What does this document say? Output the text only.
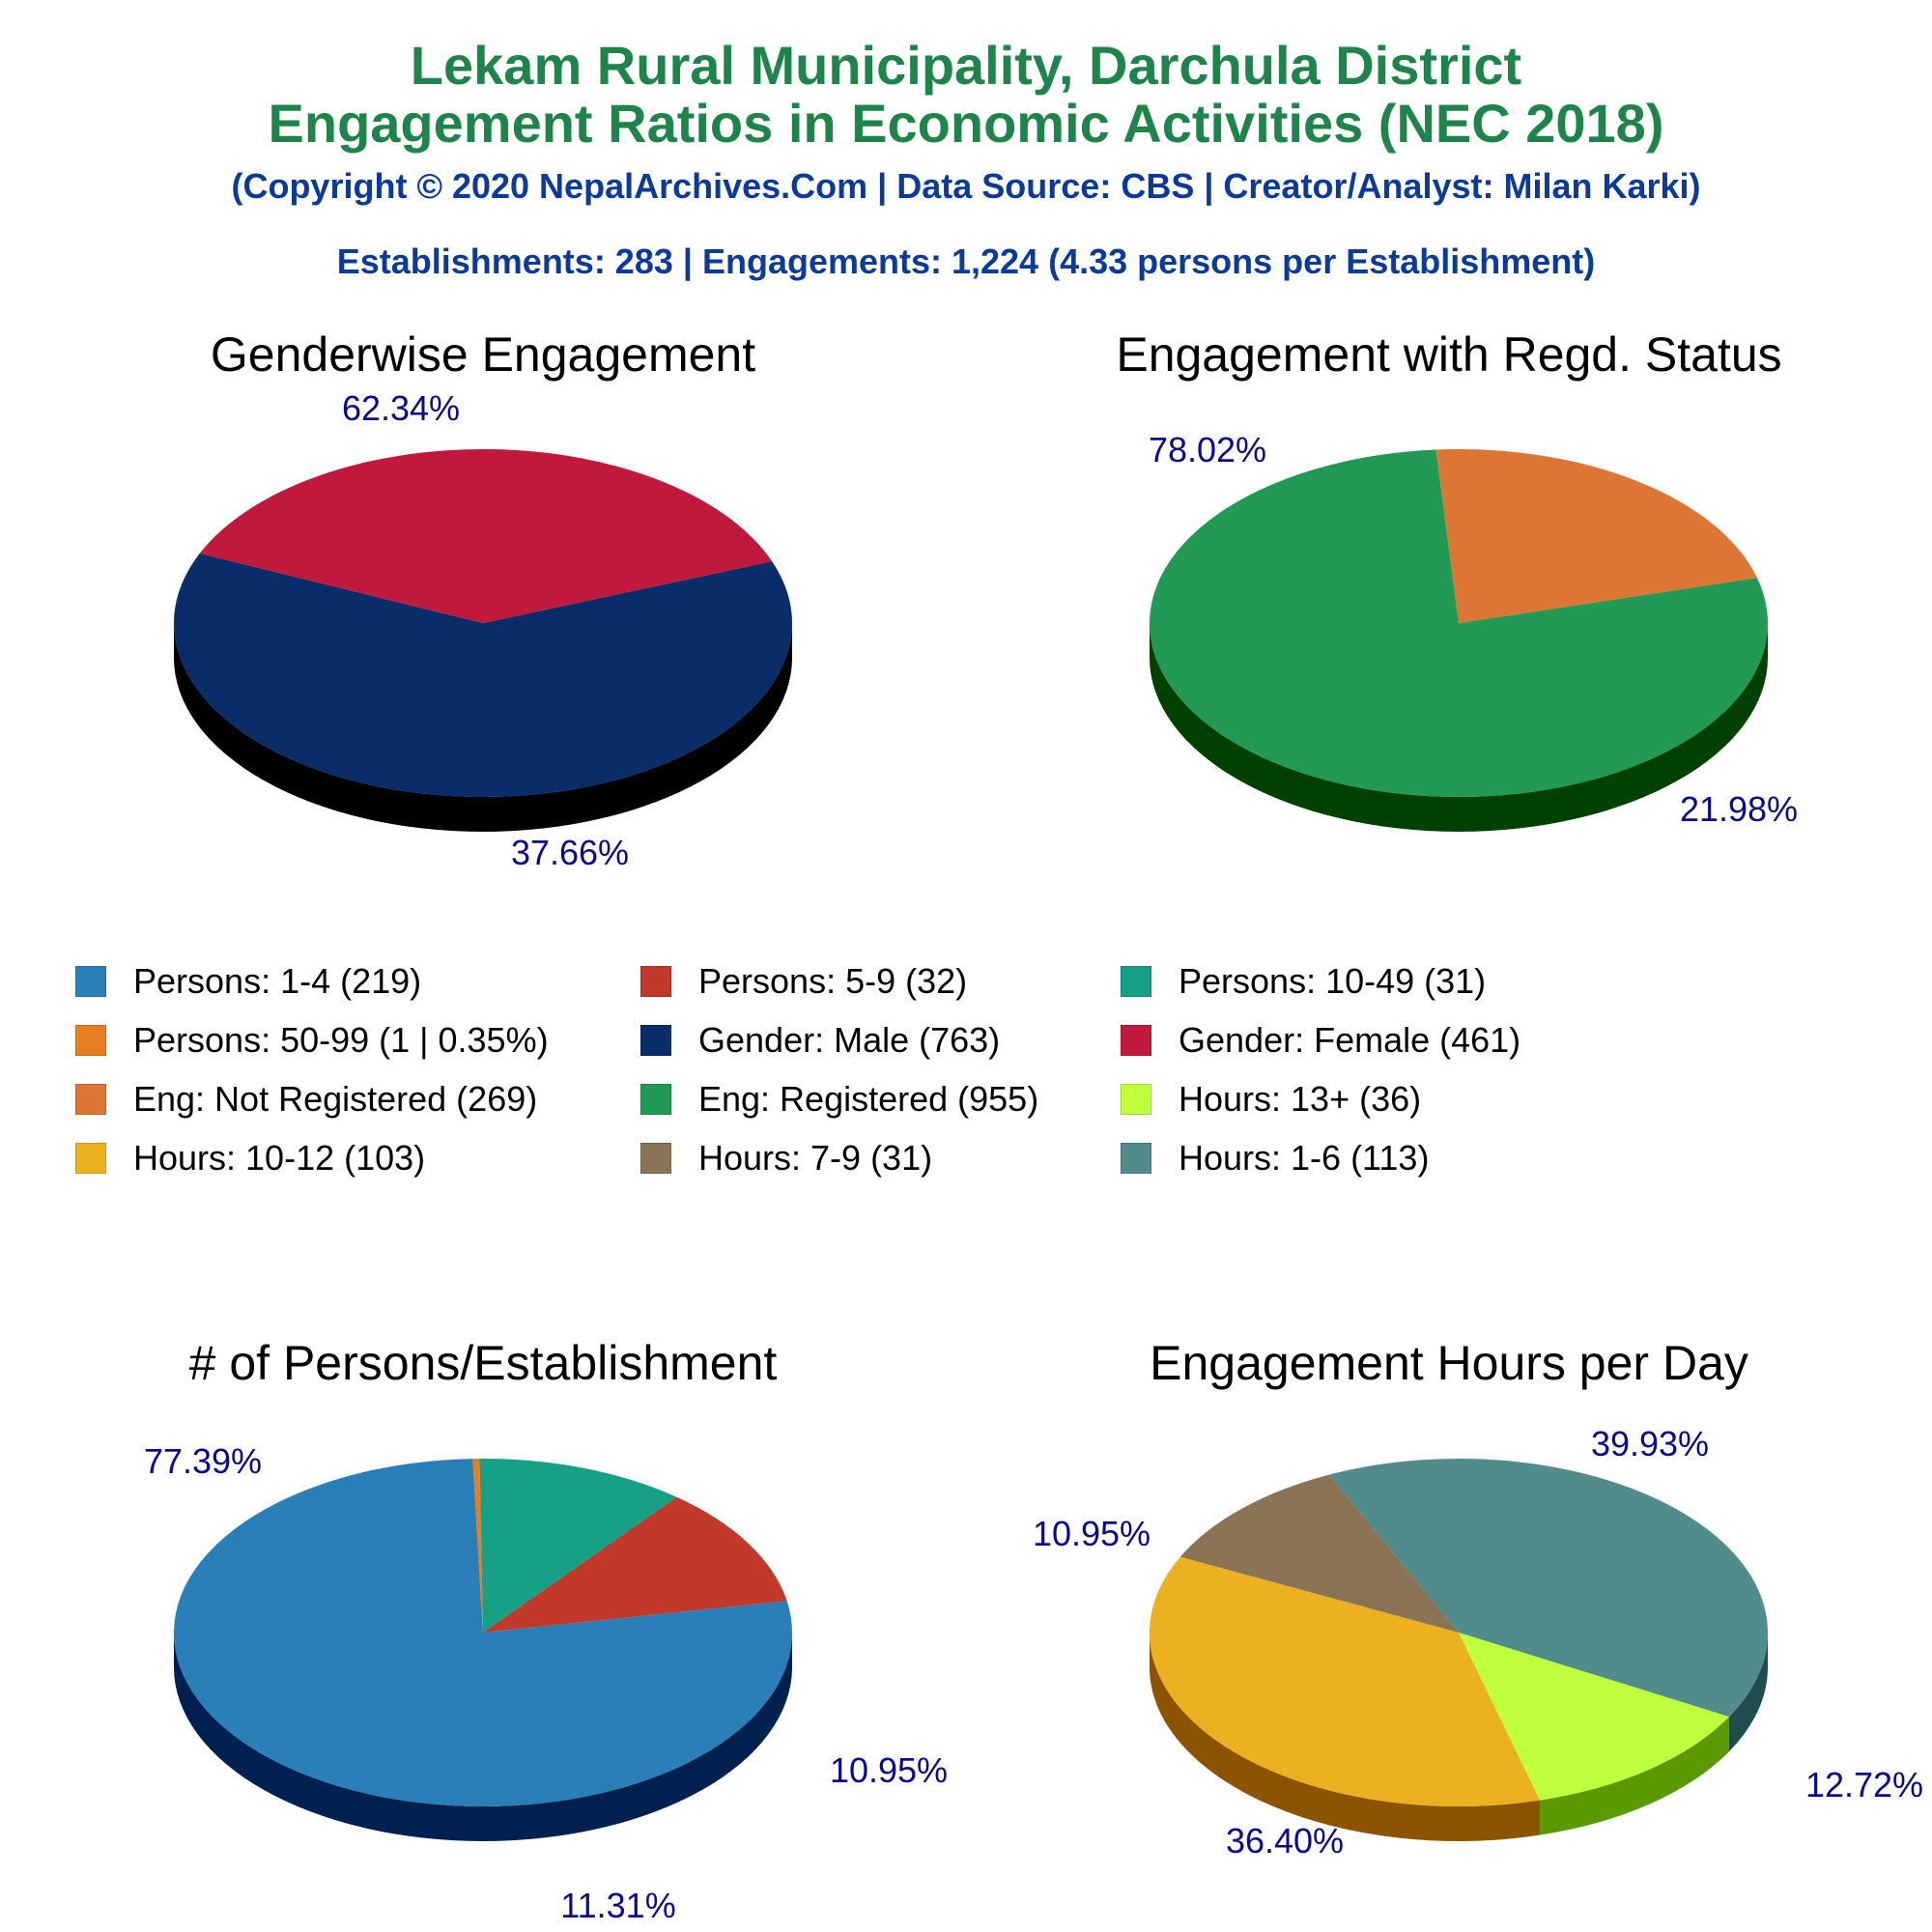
Lekam Rural Municipality, Darchula District
Engagement Ratios in Economic Activities (NEC 2018)
(Copyright © 2020 NepalArchives.Com | Data Source: CBS | Creator/Analyst: Milan Karki)
Establishments: 283 | Engagements: 1,224 (4.33 persons per Establishment)
Genderwise Engagement	Engagement with Regd. Status
# of Persons/Establishment	Engagement Hours per Day
62.34%
37.66%
78.02%
21.98%
77.39%
10.95%
11.31%
39.93%
12.72%
36.40%
10.95%
Persons: 1-4 (219)	Persons: 5-9 (32)	Persons: 10-49 (31)
Persons: 50-99 (1 | 0.35%)	Gender: Male (763)	Gender: Female (461)
Eng: Not Registered (269)	Eng: Registered (955)	Hours: 13+ (36)
Hours: 10-12 (103)	Hours: 7-9 (31)	Hours: 1-6 (113)
